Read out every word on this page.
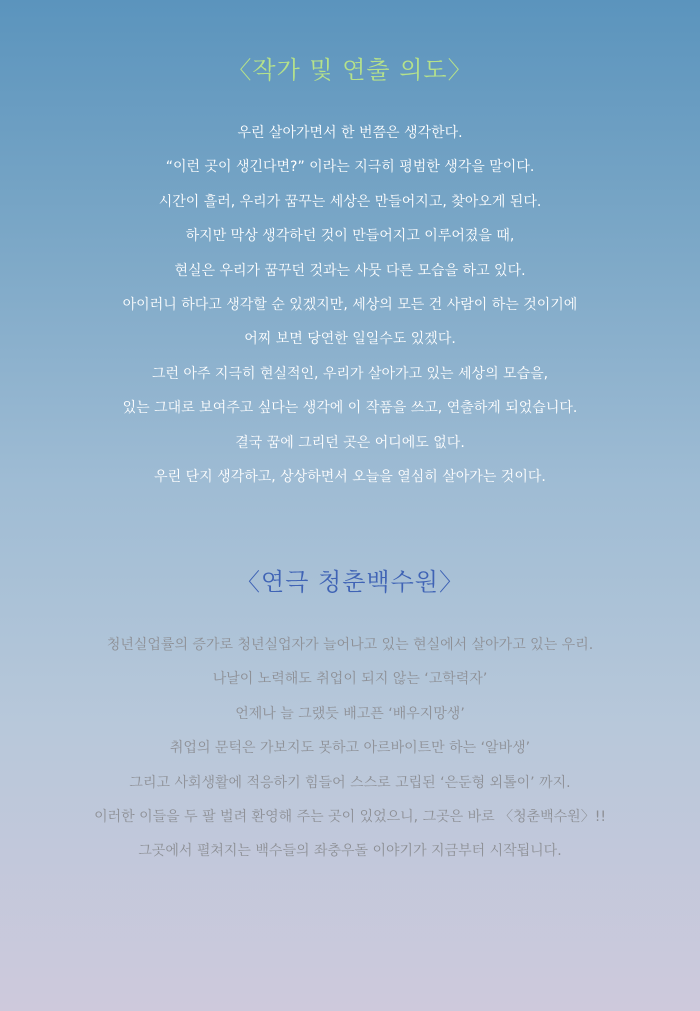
〈작가 및 연출 의도〉
우린 살아가면서 한 번쯤은 생각한다.
“이런 곳이 생긴다면?” 이라는 지극히 평범한 생각을 말이다.
시간이 흘러, 우리가 꿈꾸는 세상은 만들어지고, 찾아오게 된다.
하지만 막상 생각하던 것이 만들어지고 이루어졌을 때,
현실은 우리가 꿈꾸던 것과는 사뭇 다른 모습을 하고 있다.
아이러니 하다고 생각할 순 있겠지만, 세상의 모든 건 사람이 하는 것이기에
어찌 보면 당연한 일일수도 있겠다.
그런 아주 지극히 현실적인, 우리가 살아가고 있는 세상의 모습을,
있는 그대로 보여주고 싶다는 생각에 이 작품을 쓰고, 연출하게 되었습니다.
결국 꿈에 그리던 곳은 어디에도 없다.
우린 단지 생각하고, 상상하면서 오늘을 열심히 살아가는 것이다.
〈연극 청춘백수원〉
청년실업률의 증가로 청년실업자가 늘어나고 있는 현실에서 살아가고 있는 우리.
나날이 노력해도 취업이 되지 않는 ‘고학력자’
언제나 늘 그랬듯 배고픈 ‘배우지망생’
취업의 문턱은 가보지도 못하고 아르바이트만 하는 ‘알바생’
그리고 사회생활에 적응하기 힘들어 스스로 고립된 ‘은둔형 외톨이’ 까지.
이러한 이들을 두 팔 벌려 환영해 주는 곳이 있었으니, 그곳은 바로 〈청춘백수원〉!!
그곳에서 펼쳐지는 백수들의 좌충우돌 이야기가 지금부터 시작됩니다.
